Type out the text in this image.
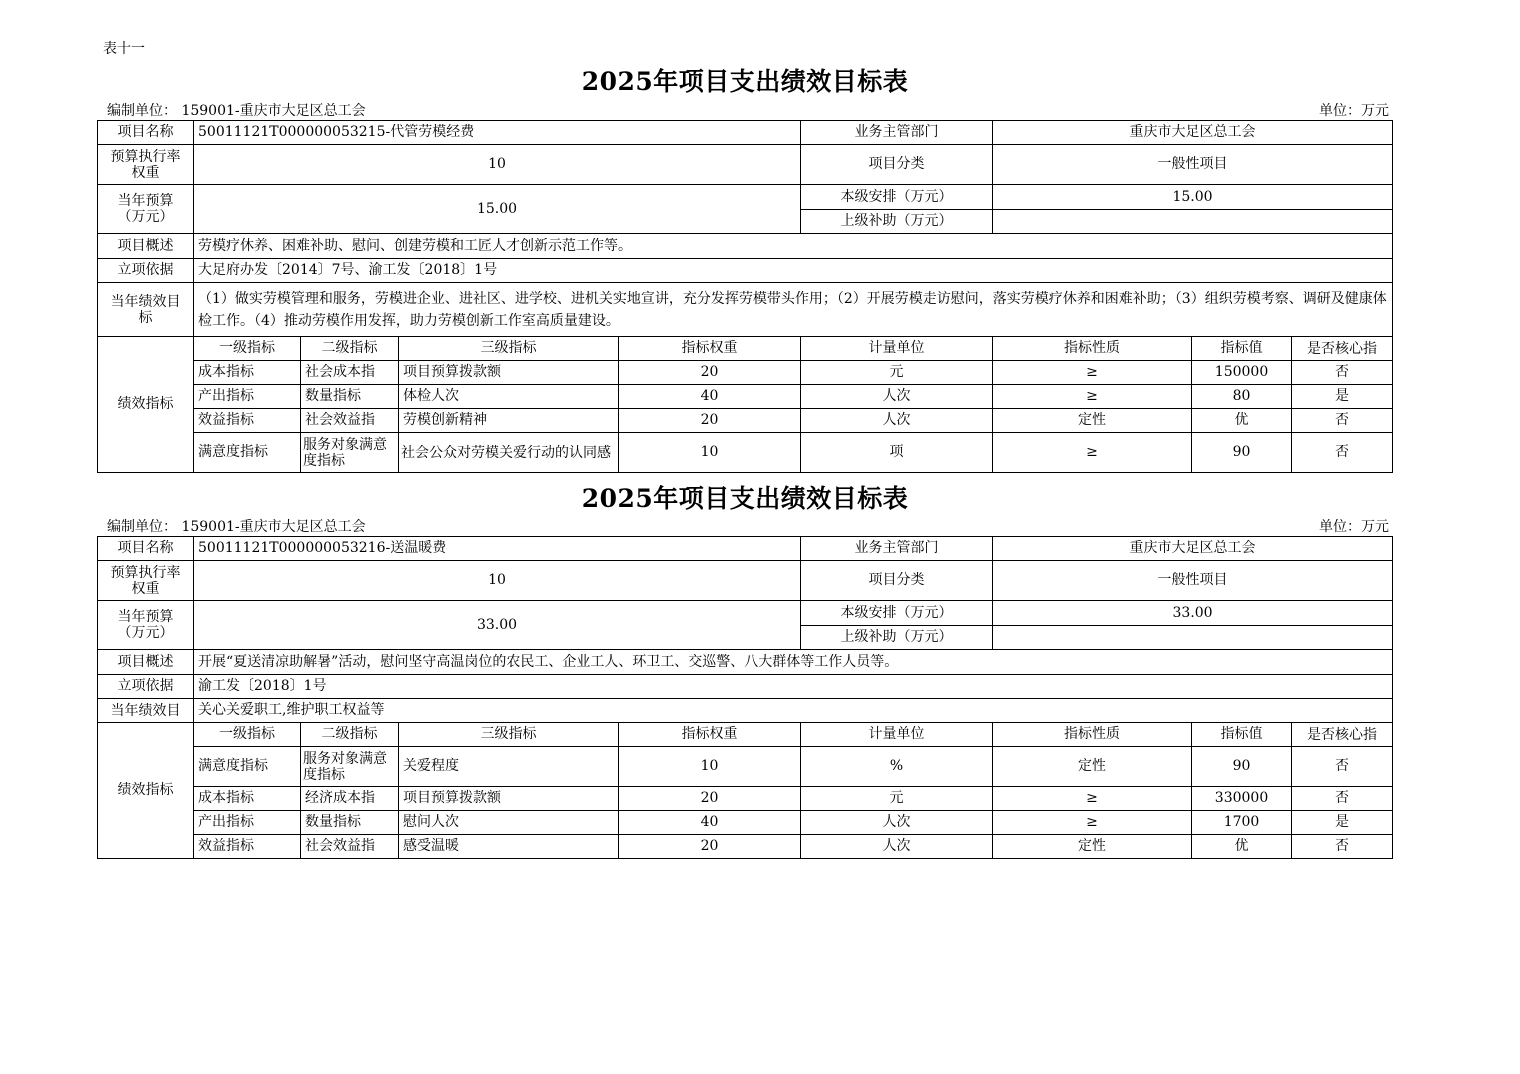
表十一
2025年项目支出绩效目标表
编制单位： 159001-重庆市大足区总工会	单位：万元
项目名称	50011121T000000053215-代管劳模经费				业务主管部门	重庆市大足区总工会		

预算执行率
权重	10				项目分类	一般性项目		

当年预算
（万元）	15.00				本级安排（万元）	15.00		
					上级补助（万元）			
项目概述	劳模疗休养、困难补助、慰问、创建劳模和工匠人才创新示范工作等。							
立项依据	大足府办发〔2014〕7号、渝工发〔2018〕1号							

当年绩效目
标	（1）做实劳模管理和服务，劳模进企业、进社区、进学校、进机关实地宣讲，充分发挥劳模带头作用；（2）开展劳模走访慰问，落实劳模疗休养和困难补助；（3）组织劳模考察、调研及健康体检工作。（4）推动劳模作用发挥，助力劳模创新工作室高质量建设。							
绩效指标	一级指标	二级指标	三级指标	指标权重	计量单位	指标性质	指标值	是否核心指
	成本指标	社会成本指	项目预算拨款额	20	元	≥	150000	否
	产出指标	数量指标	体检人次	40	人次	≥	80	是
	效益指标	社会效益指	劳模创新精神	20	人次	定性	优	否
	满意度指标	服务对象满意度指标	社会公众对劳模关爱行动的认同感	10	项	≥	90	否
2025年项目支出绩效目标表
编制单位： 159001-重庆市大足区总工会	单位：万元
项目名称	50011121T000000053216-送温暖费				业务主管部门	重庆市大足区总工会		

预算执行率
权重	10				项目分类	一般性项目		

当年预算
（万元）	33.00				本级安排（万元）	33.00		
					上级补助（万元）			
项目概述	开展“夏送清凉助解暑”活动，慰问坚守高温岗位的农民工、企业工人、环卫工、交巡警、八大群体等工作人员等。							
立项依据	渝工发〔2018〕1号							
当年绩效目	关心关爱职工,维护职工权益等							
绩效指标	一级指标	二级指标	三级指标	指标权重	计量单位	指标性质	指标值	是否核心指
	满意度指标	服务对象满意度指标	关爱程度	10	%	定性	90	否
	成本指标	经济成本指	项目预算拨款额	20	元	≥	330000	否
	产出指标	数量指标	慰问人次	40	人次	≥	1700	是
	效益指标	社会效益指	感受温暖	20	人次	定性	优	否
